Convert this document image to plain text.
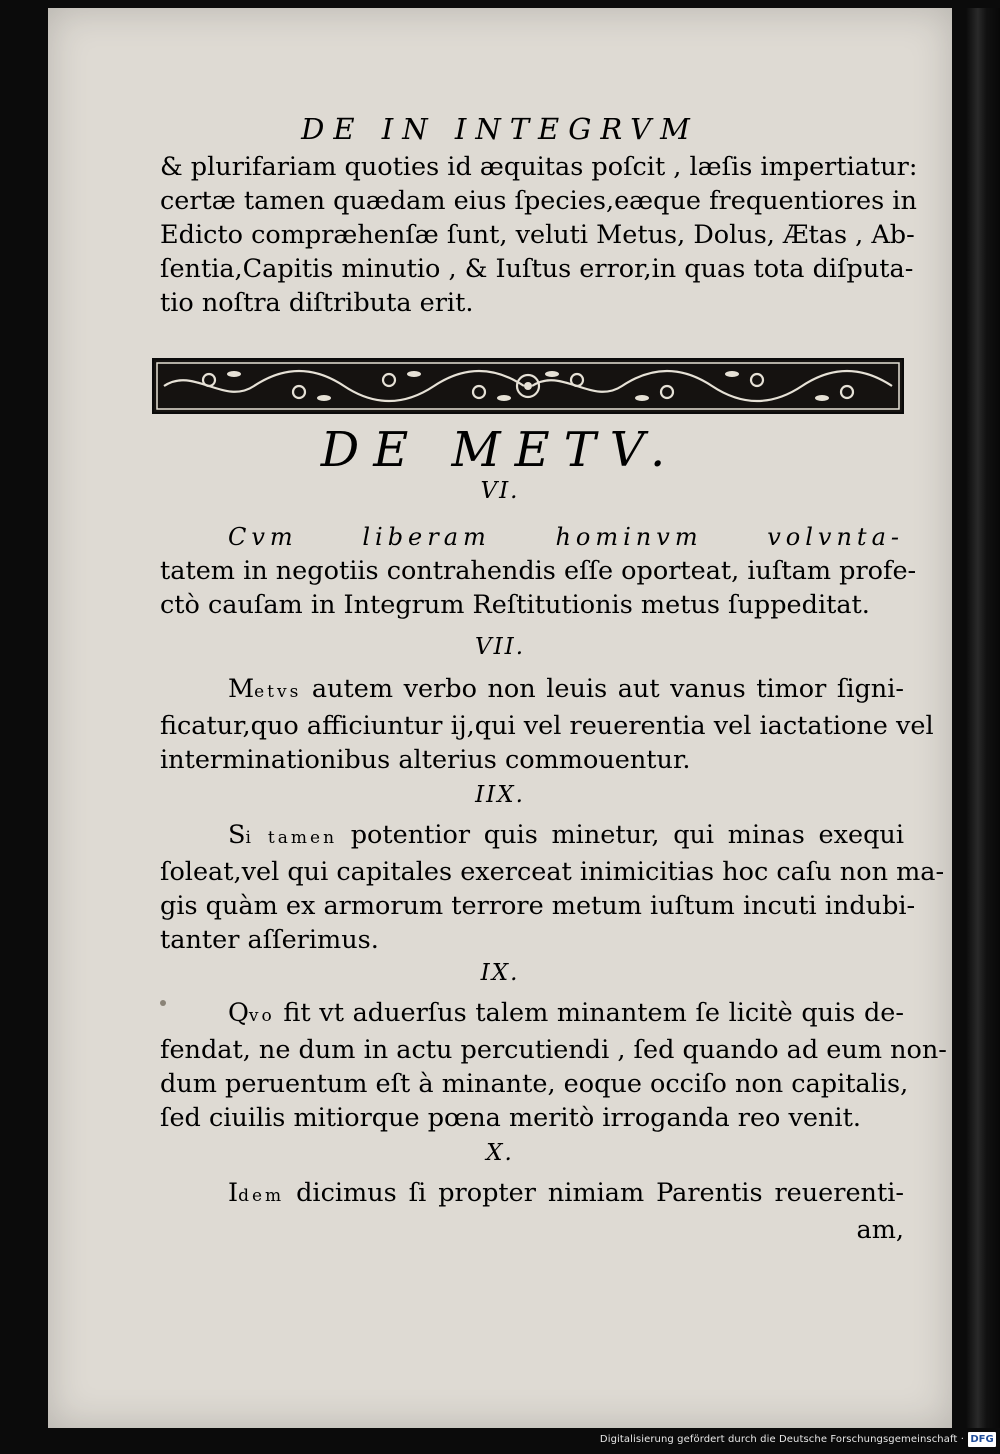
DE IN INTEGRVM
& plurifariam quoties id æquitas poſcit , læſis impertiatur:
certæ tamen quædam eius ſpecies,eæque frequentiores in
Edicto compræhenſæ ſunt, veluti Metus, Dolus, Ætas , Ab-
ſentia,Capitis minutio , & Iuſtus error,in quas tota diſputa-
tio noſtra diſtributa erit.
DE METV.
VI.
Cvm liberam hominvm volvnta-
tatem in negotiis contrahendis eſſe oporteat, iuſtam profe-
ctò cauſam in Integrum Reſtitutionis metus ſuppeditat.
VII.
Metvs autem verbo non leuis aut vanus timor ſigni-
ficatur,quo afficiuntur ij,qui vel reuerentia vel iactatione vel
interminationibus alterius commouentur.
IIX.
Si tamen potentior quis minetur, qui minas exequi
ſoleat,vel qui capitales exerceat inimicitias hoc caſu non ma-
gis quàm ex armorum terrore metum iuſtum incuti indubi-
tanter aſſerimus.
IX.
Qvo fit vt aduerſus talem minantem ſe licitè quis de-
fendat, ne dum in actu percutiendi , ſed quando ad eum non-
dum peruentum eſt à minante, eoque occiſo non capitalis,
ſed ciuilis mitiorque pœna meritò irroganda reo venit.
X.
Idem dicimus ſi propter nimiam Parentis reuerenti-
am,
Digitalisierung gefördert durch die Deutsche Forschungsgemeinschaft · DFG
